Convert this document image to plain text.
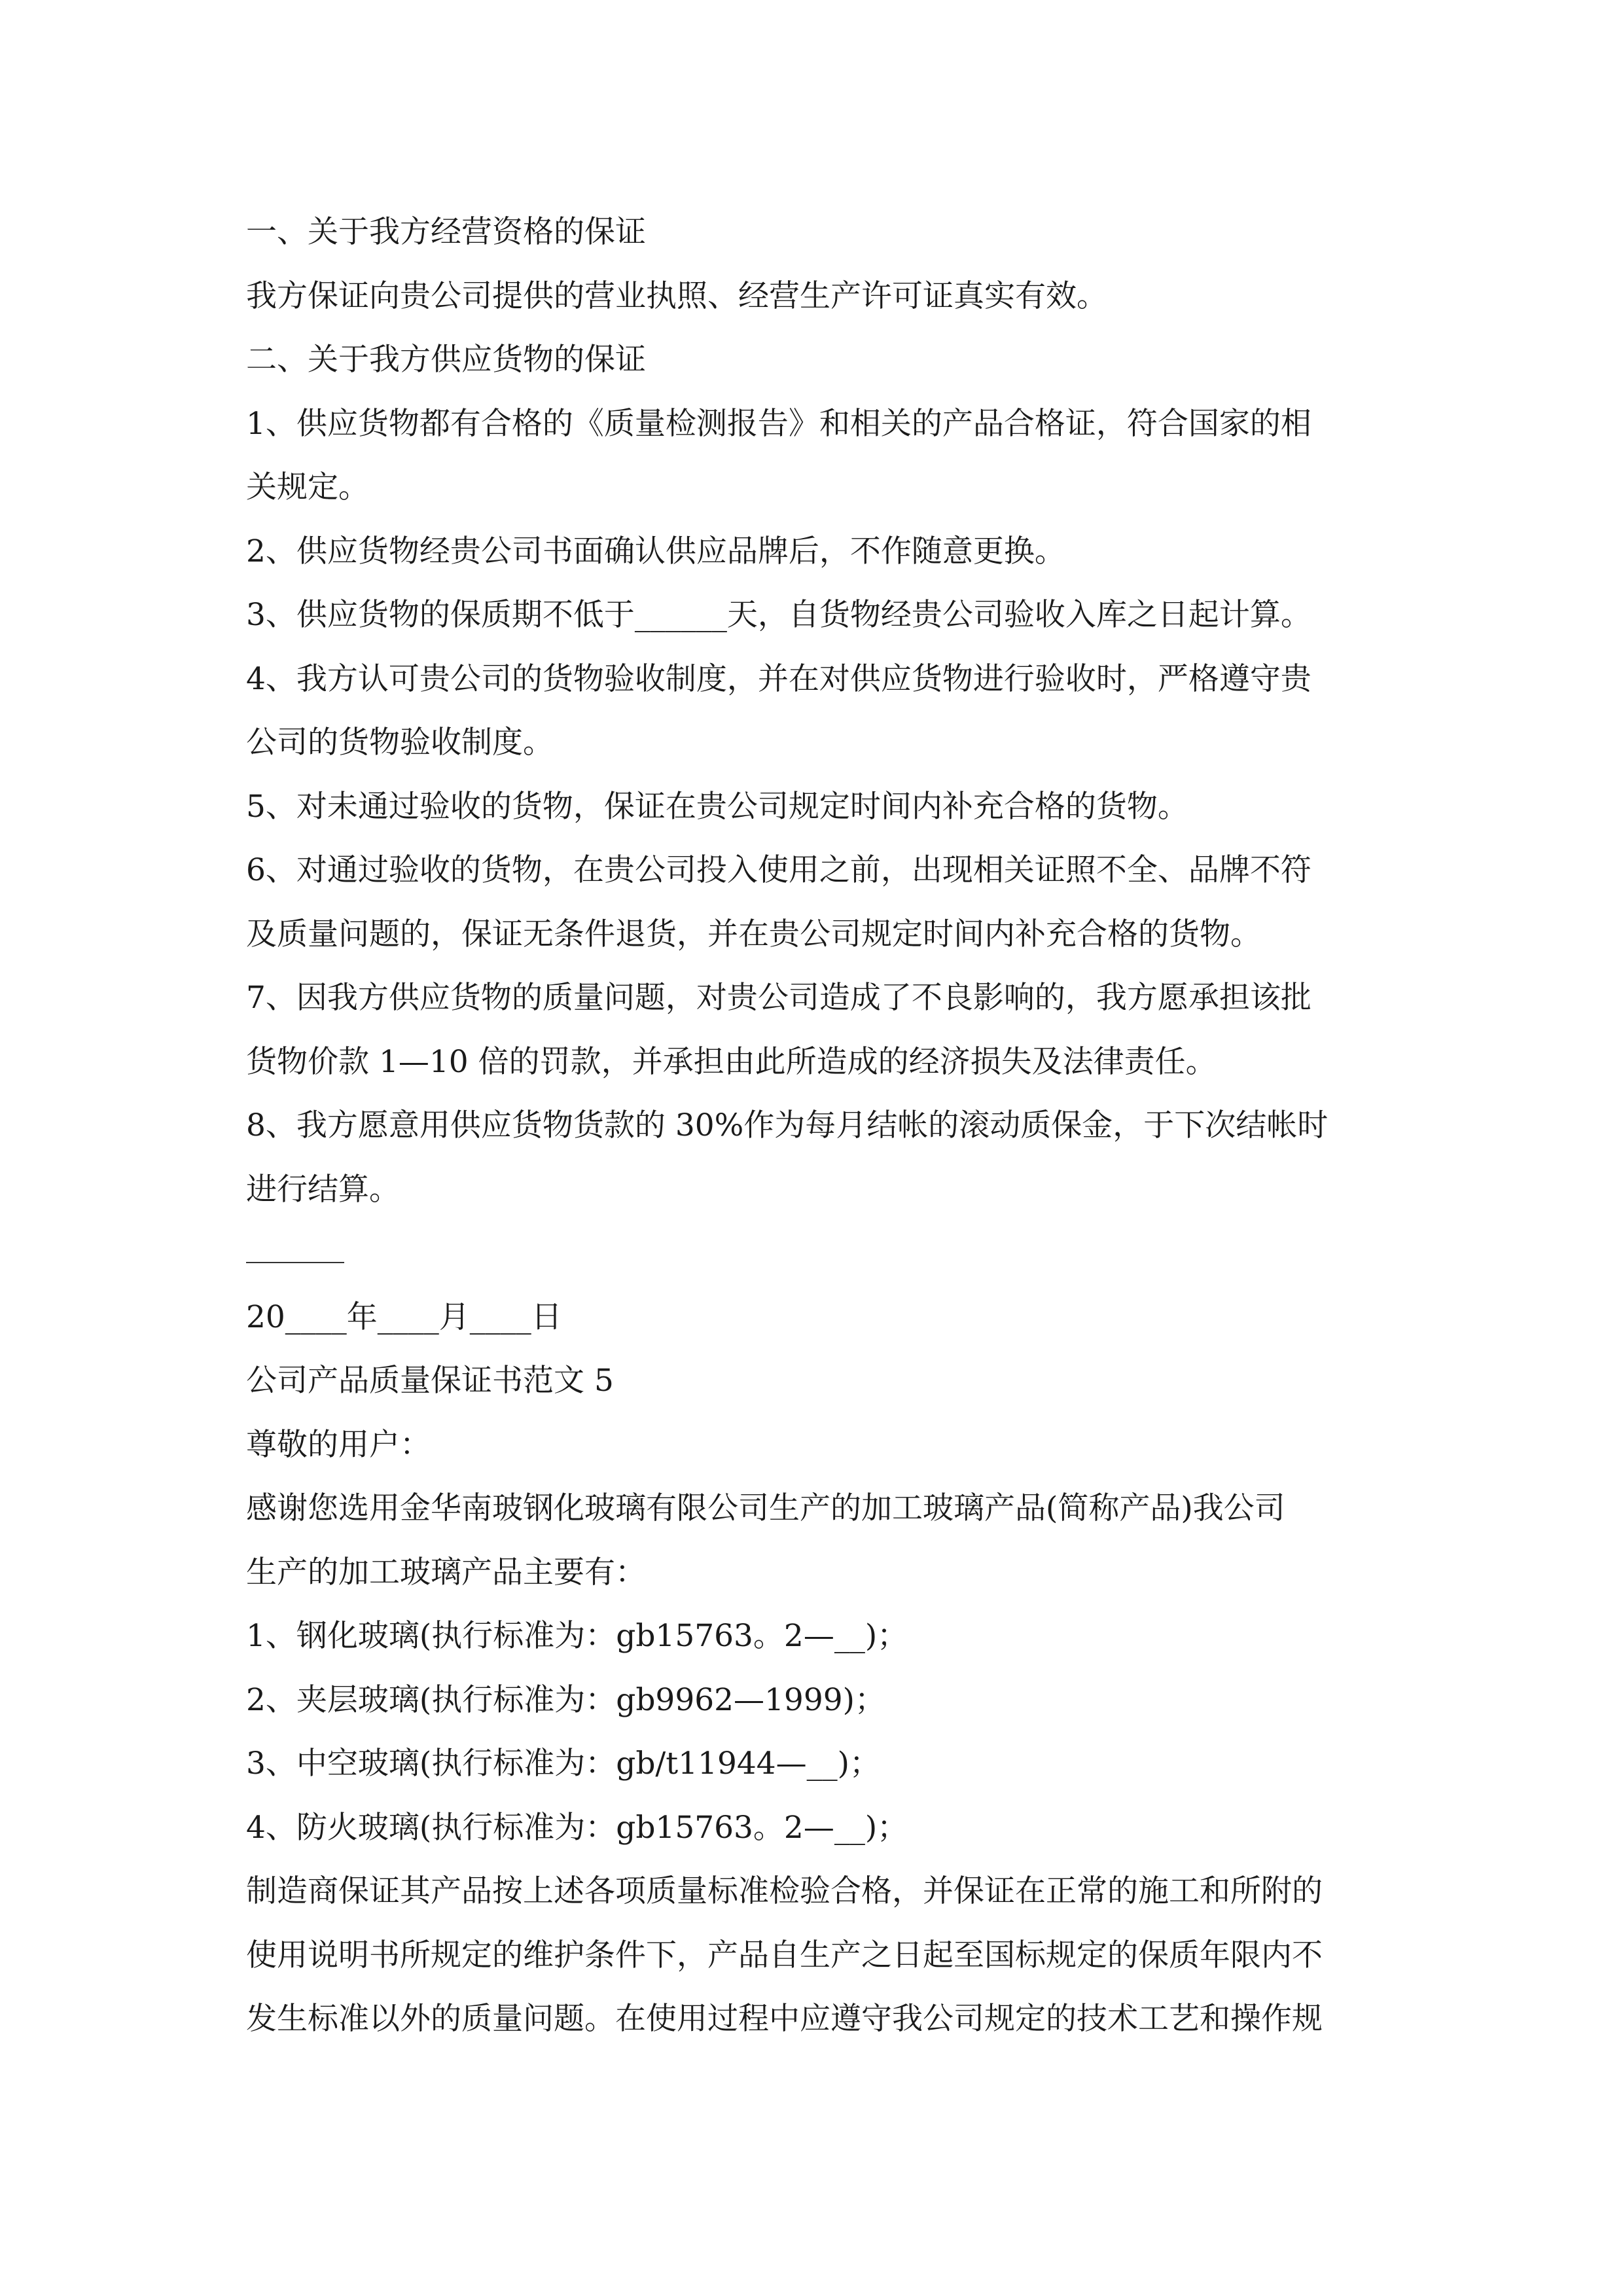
一、关于我方经营资格的保证
我方保证向贵公司提供的营业执照、经营生产许可证真实有效。
二、关于我方供应货物的保证
1、供应货物都有合格的《质量检测报告》和相关的产品合格证，符合国家的相
关规定。
2、供应货物经贵公司书面确认供应品牌后，不作随意更换。
3、供应货物的保质期不低于______天，自货物经贵公司验收入库之日起计算。
4、我方认可贵公司的货物验收制度，并在对供应货物进行验收时，严格遵守贵
公司的货物验收制度。
5、对未通过验收的货物，保证在贵公司规定时间内补充合格的货物。
6、对通过验收的货物，在贵公司投入使用之前，出现相关证照不全、品牌不符
及质量问题的，保证无条件退货，并在贵公司规定时间内补充合格的货物。
7、因我方供应货物的质量问题，对贵公司造成了不良影响的，我方愿承担该批
货物价款 1—10 倍的罚款，并承担由此所造成的经济损失及法律责任。
8、我方愿意用供应货物货款的 30%作为每月结帐的滚动质保金，于下次结帐时
进行结算。
20____年____月____日
公司产品质量保证书范文 5
尊敬的用户：
感谢您选用金华南玻钢化玻璃有限公司生产的加工玻璃产品(简称产品)我公司
生产的加工玻璃产品主要有：
1、钢化玻璃(执行标准为：gb15763。2—__)；
2、夹层玻璃(执行标准为：gb9962—1999)；
3、中空玻璃(执行标准为：gb/t11944—__)；
4、防火玻璃(执行标准为：gb15763。2—__)；
制造商保证其产品按上述各项质量标准检验合格，并保证在正常的施工和所附的
使用说明书所规定的维护条件下，产品自生产之日起至国标规定的保质年限内不
发生标准以外的质量问题。在使用过程中应遵守我公司规定的技术工艺和操作规
